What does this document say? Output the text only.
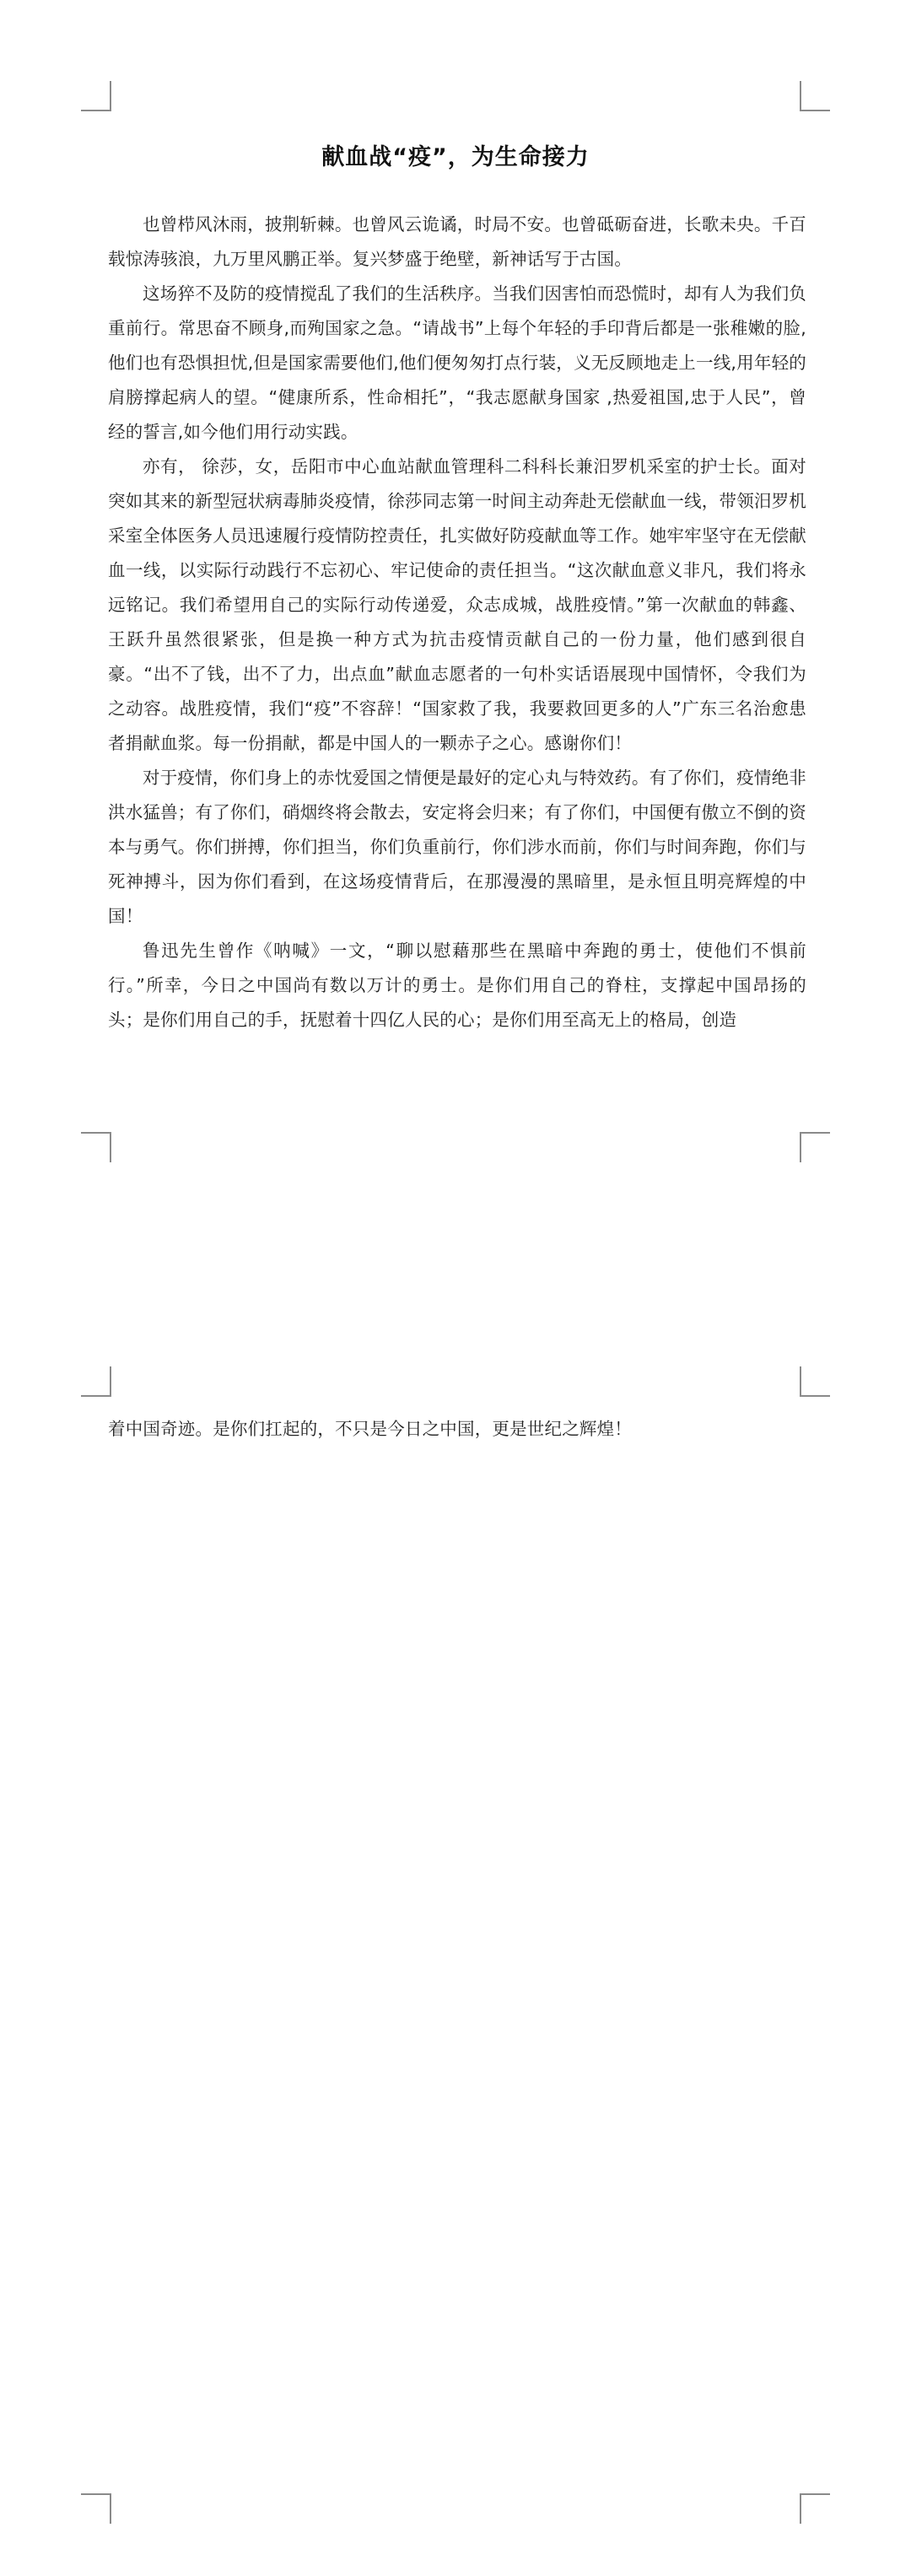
献血战“疫”，为生命接力

也曾栉风沐雨，披荆斩棘。也曾风云诡谲，时局不安。也曾砥砺奋进，长歌未央。千百载惊涛骇浪，九万里风鹏正举。复兴梦盛于绝壁，新神话写于古国。

这场猝不及防的疫情搅乱了我们的生活秩序。当我们因害怕而恐慌时，却有人为我们负重前行。常思奋不顾身,而殉国家之急。“请战书”上每个年轻的手印背后都是一张稚嫩的脸,他们也有恐惧担忧,但是国家需要他们,他们便匆匆打点行装，义无反顾地走上一线,用年轻的肩膀撑起病人的望。“健康所系，性命相托”，“我志愿献身国家 ,热爱祖国,忠于人民”，曾经的誓言,如今他们用行动实践。

亦有， 徐莎，女，岳阳市中心血站献血管理科二科科长兼汨罗机采室的护士长。面对突如其来的新型冠状病毒肺炎疫情，徐莎同志第一时间主动奔赴无偿献血一线，带领汨罗机采室全体医务人员迅速履行疫情防控责任，扎实做好防疫献血等工作。她牢牢坚守在无偿献血一线，以实际行动践行不忘初心、牢记使命的责任担当。“这次献血意义非凡，我们将永远铭记。我们希望用自己的实际行动传递爱，众志成城，战胜疫情。”第一次献血的韩鑫、王跃升虽然很紧张，但是换一种方式为抗击疫情贡献自己的一份力量，他们感到很自豪。“出不了钱，出不了力，出点血”献血志愿者的一句朴实话语展现中国情怀，令我们为之动容。战胜疫情，我们“疫”不容辞！“国家救了我，我要救回更多的人”广东三名治愈患者捐献血浆。每一份捐献，都是中国人的一颗赤子之心。感谢你们！

对于疫情，你们身上的赤忱爱国之情便是最好的定心丸与特效药。有了你们，疫情绝非洪水猛兽；有了你们，硝烟终将会散去，安定将会归来；有了你们，中国便有傲立不倒的资本与勇气。你们拼搏，你们担当，你们负重前行，你们涉水而前，你们与时间奔跑，你们与死神搏斗，因为你们看到，在这场疫情背后，在那漫漫的黑暗里，是永恒且明亮辉煌的中国！

鲁迅先生曾作《呐喊》一文，“聊以慰藉那些在黑暗中奔跑的勇士，使他们不惧前行。”所幸，今日之中国尚有数以万计的勇士。是你们用自己的脊柱，支撑起中国昂扬的头；是你们用自己的手，抚慰着十四亿人民的心；是你们用至高无上的格局，创造

着中国奇迹。是你们扛起的，不只是今日之中国，更是世纪之辉煌！
